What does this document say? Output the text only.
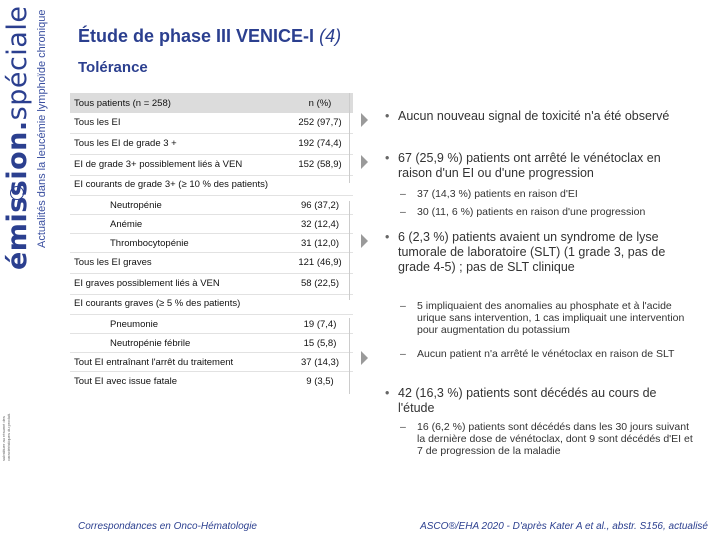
émission.spéciale Actualités dans la leucémie lymphoïde chronique
substituer au résumé des caractéristiques du produit.
Étude de phase III VENICE-I (4)
Tolérance
Tous patients (n = 258)	n (%)
Tous les EI	252 (97,7)
Tous les EI de grade 3 +	192 (74,4)
EI de grade 3+ possiblement liés à VEN	152 (58,9)
EI courants de grade 3+ (≥ 10 % des patients)
Neutropénie	96 (37,2)
Anémie	32 (12,4)
Thrombocytopénie	31 (12,0)
Tous les EI graves	121 (46,9)
EI graves possiblement liés à VEN	58 (22,5)
EI courants graves (≥ 5 % des patients)
Pneumonie	19 (7,4)
Neutropénie fébrile	15 (5,8)
Tout EI entraînant l'arrêt du traitement	37 (14,3)
Tout EI avec issue fatale	9 (3,5)
• Aucun nouveau signal de toxicité n'a été observé
• 67 (25,9 %) patients ont arrêté le vénétoclax en raison d'un EI ou d'une progression
– 37 (14,3 %) patients en raison d'EI
– 30 (11, 6 %) patients en raison d'une progression
• 6 (2,3 %) patients avaient un syndrome de lyse tumorale de laboratoire (SLT) (1 grade 3, pas de grade 4-5) ; pas de SLT clinique
– 5 impliquaient des anomalies au phosphate et à l'acide urique sans intervention, 1 cas impliquait une intervention pour augmentation du potassium
– Aucun patient n'a arrêté le vénétoclax en raison de SLT
• 42 (16,3 %) patients sont décédés au cours de l'étude
– 16 (6,2 %) patients sont décédés dans les 30 jours suivant la dernière dose de vénétoclax, dont 9 sont décédés d'EI et 7 de progression de la maladie
Correspondances en Onco-Hématologie	ASCO®/EHA 2020 - D'après Kater A et al., abstr. S156, actualisé
